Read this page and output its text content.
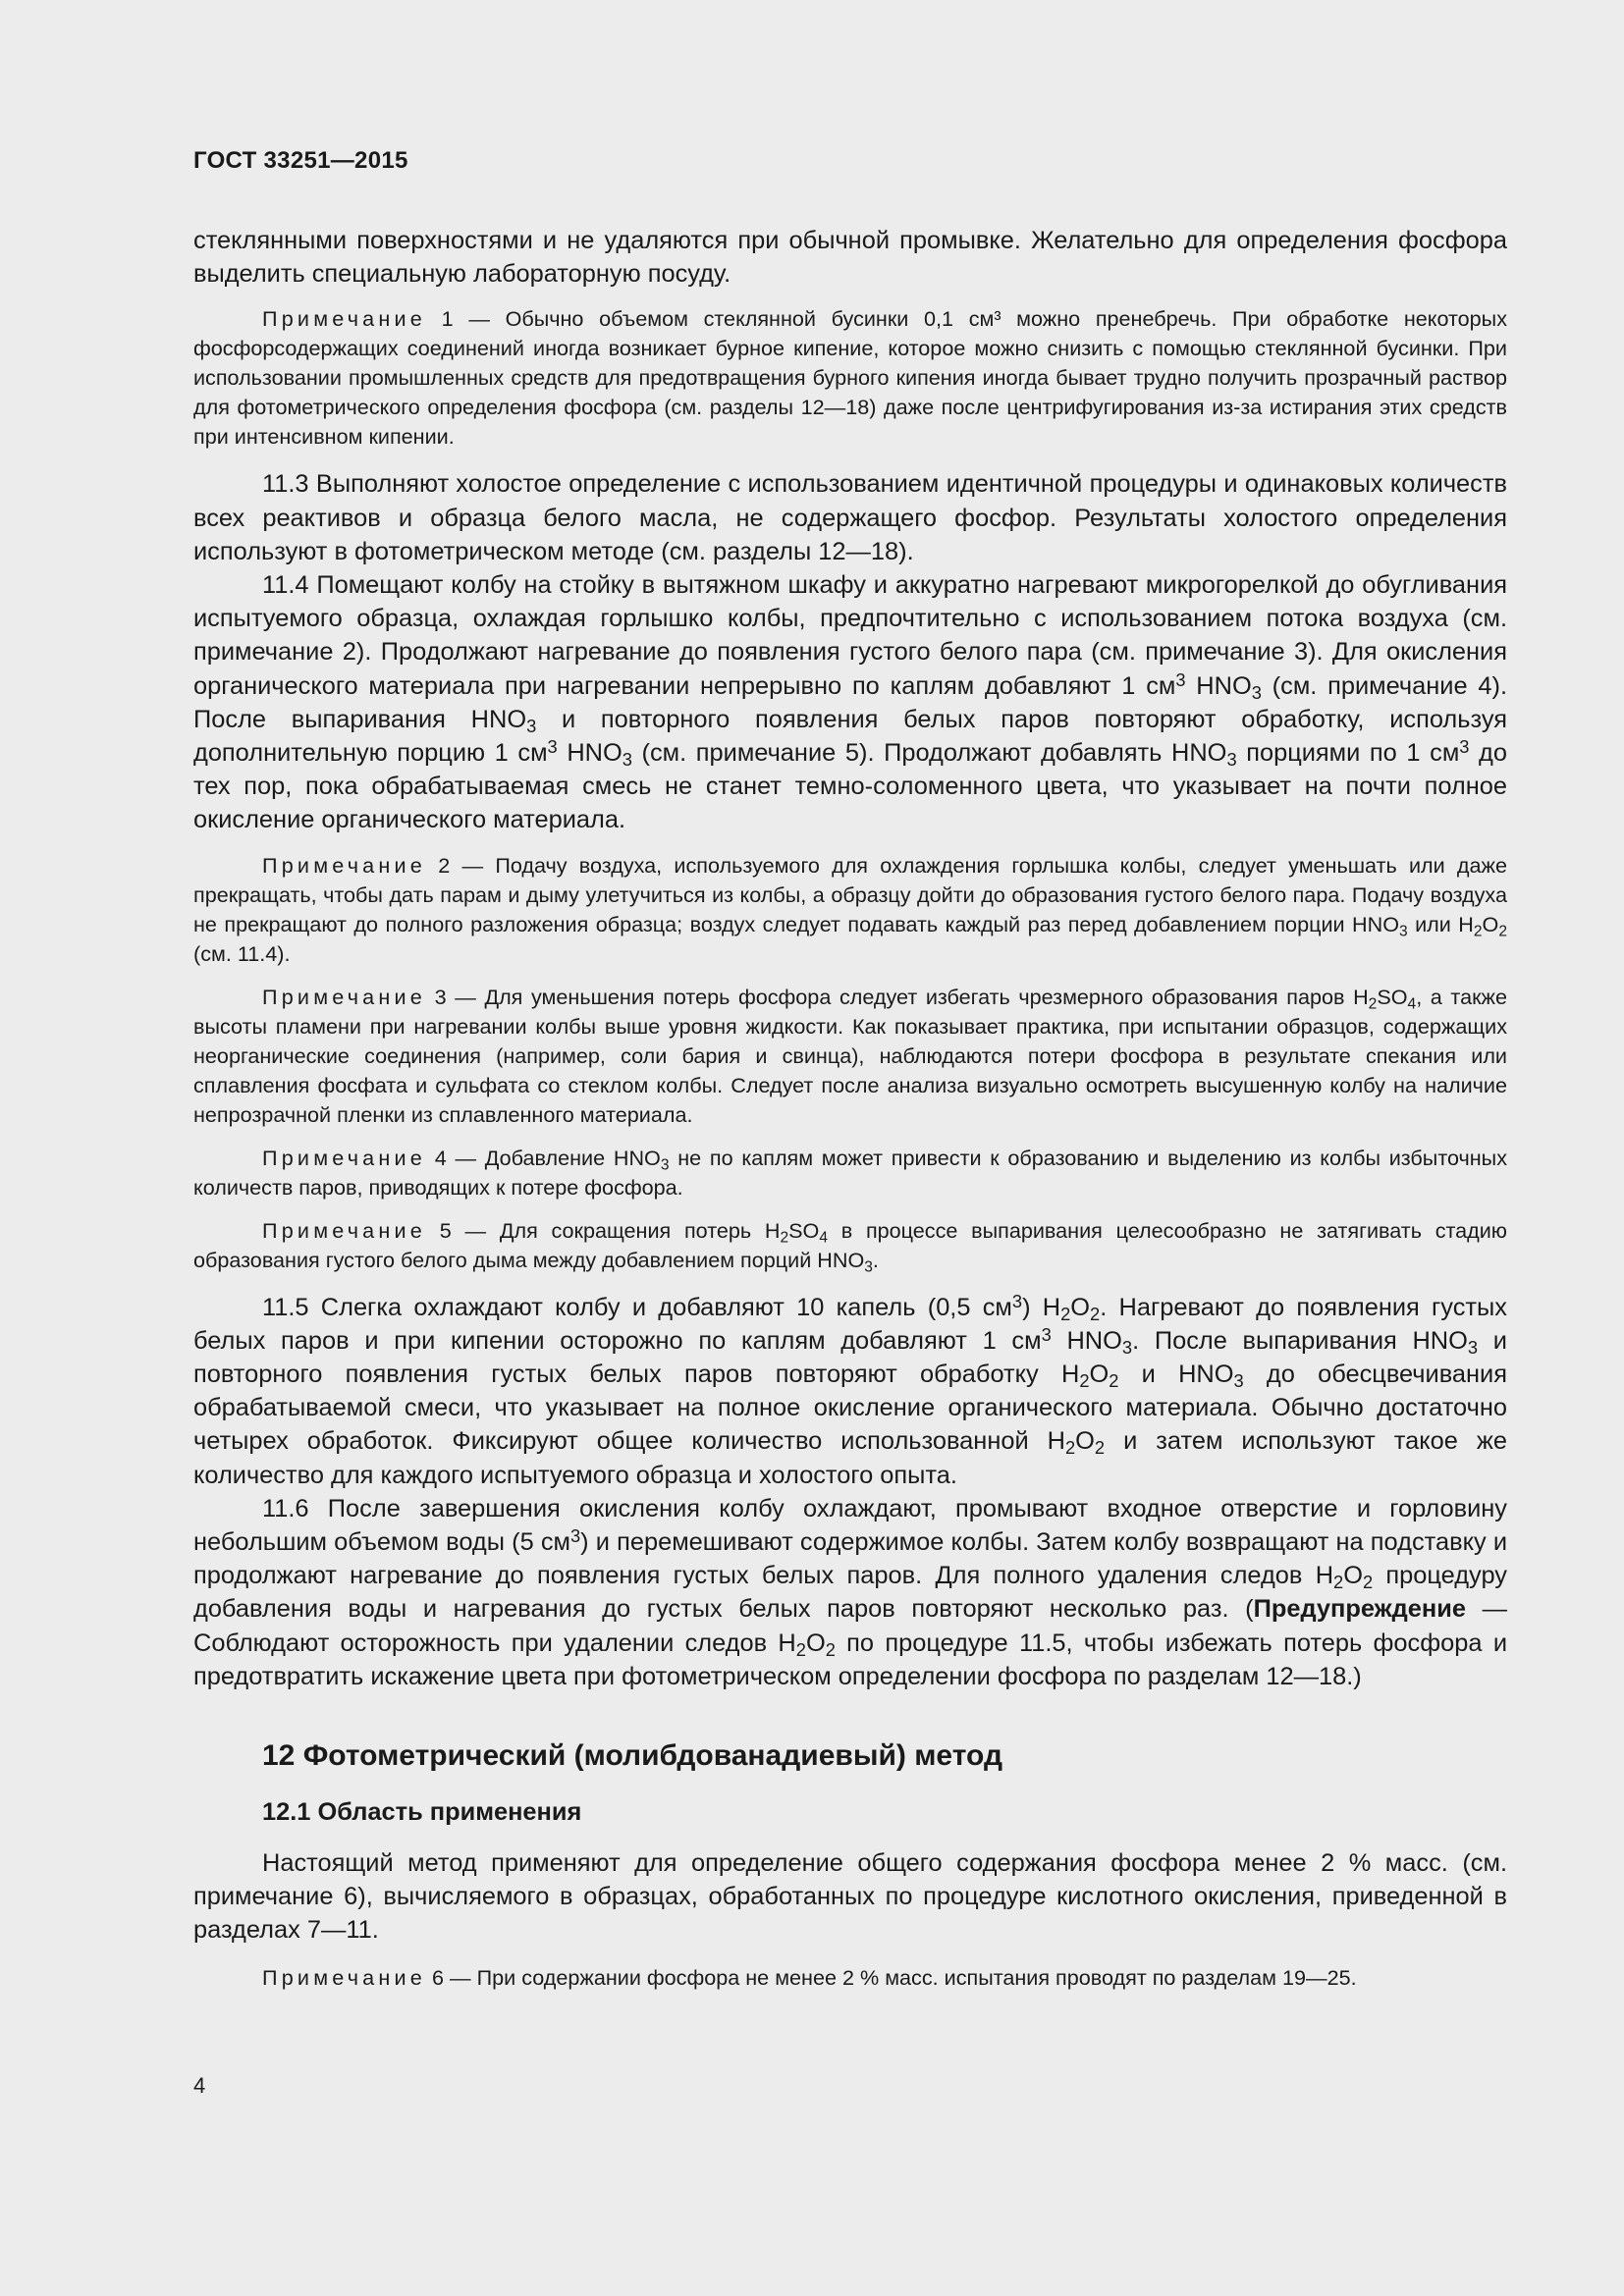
ГОСТ 33251—2015

стеклянными поверхностями и не удаляются при обычной промывке. Желательно для определения фосфора выделить специальную лабораторную посуду.

Примечание 1 — Обычно объемом стеклянной бусинки 0,1 см³ можно пренебречь. При обработке некоторых фосфорсодержащих соединений иногда возникает бурное кипение, которое можно снизить с помощью стеклянной бусинки. При использовании промышленных средств для предотвращения бурного кипения иногда бывает трудно получить прозрачный раствор для фотометрического определения фосфора (см. разделы 12—18) даже после центрифугирования из-за истирания этих средств при интенсивном кипении.

11.3 Выполняют холостое определение с использованием идентичной процедуры и одинаковых количеств всех реактивов и образца белого масла, не содержащего фосфор. Результаты холостого определения используют в фотометрическом методе (см. разделы 12—18).

11.4 Помещают колбу на стойку в вытяжном шкафу и аккуратно нагревают микрогорелкой до обугливания испытуемого образца, охлаждая горлышко колбы, предпочтительно с использованием потока воздуха (см. примечание 2). Продолжают нагревание до появления густого белого пара (см. примечание 3). Для окисления органического материала при нагревании непрерывно по каплям добавляют 1 $см^3$ $HNO_3$ (см. примечание 4). После выпаривания $HNO_3$ и повторного появления белых паров повторяют обработку, используя дополнительную порцию 1 $см^3$ $HNO_3$ (см. примечание 5). Продолжают добавлять $HNO_3$ порциями по 1 $см^3$ до тех пор, пока обрабатываемая смесь не станет темно-соломенного цвета, что указывает на почти полное окисление органического материала.

Примечание 2 — Подачу воздуха, используемого для охлаждения горлышка колбы, следует уменьшать или даже прекращать, чтобы дать парам и дыму улетучиться из колбы, а образцу дойти до образования густого белого пара. Подачу воздуха не прекращают до полного разложения образца; воздух следует подавать каждый раз перед добавлением порции $HNO_3$ или $H_2O_2$ (см. 11.4).

Примечание 3 — Для уменьшения потерь фосфора следует избегать чрезмерного образования паров $H_2SO_4$, а также высоты пламени при нагревании колбы выше уровня жидкости. Как показывает практика, при испытании образцов, содержащих неорганические соединения (например, соли бария и свинца), наблюдаются потери фосфора в результате спекания или сплавления фосфата и сульфата со стеклом колбы. Следует после анализа визуально осмотреть высушенную колбу на наличие непрозрачной пленки из сплавленного материала.

Примечание 4 — Добавление $HNO_3$ не по каплям может привести к образованию и выделению из колбы избыточных количеств паров, приводящих к потере фосфора.

Примечание 5 — Для сокращения потерь $H_2SO_4$ в процессе выпаривания целесообразно не затягивать стадию образования густого белого дыма между добавлением порций $HNO_3$.

11.5 Слегка охлаждают колбу и добавляют 10 капель (0,5 $см^3$) $H_2O_2$. Нагревают до появления густых белых паров и при кипении осторожно по каплям добавляют 1 $см^3$ $HNO_3$. После выпаривания $HNO_3$ и повторного появления густых белых паров повторяют обработку $H_2O_2$ и $HNO_3$ до обесцвечивания обрабатываемой смеси, что указывает на полное окисление органического материала. Обычно достаточно четырех обработок. Фиксируют общее количество использованной $H_2O_2$ и затем используют такое же количество для каждого испытуемого образца и холостого опыта.

11.6 После завершения окисления колбу охлаждают, промывают входное отверстие и горловину небольшим объемом воды (5 $см^3$) и перемешивают содержимое колбы. Затем колбу возвращают на подставку и продолжают нагревание до появления густых белых паров. Для полного удаления следов $H_2O_2$ процедуру добавления воды и нагревания до густых белых паров повторяют несколько раз. (Предупреждение — Соблюдают осторожность при удалении следов $H_2O_2$ по процедуре 11.5, чтобы избежать потерь фосфора и предотвратить искажение цвета при фотометрическом определении фосфора по разделам 12—18.)

12 Фотометрический (молибдованадиевый) метод
12.1 Область применения

Настоящий метод применяют для определение общего содержания фосфора менее 2 % масс. (см. примечание 6), вычисляемого в образцах, обработанных по процедуре кислотного окисления, приведенной в разделах 7—11.

Примечание 6 — При содержании фосфора не менее 2 % масс. испытания проводят по разделам 19—25.

4
